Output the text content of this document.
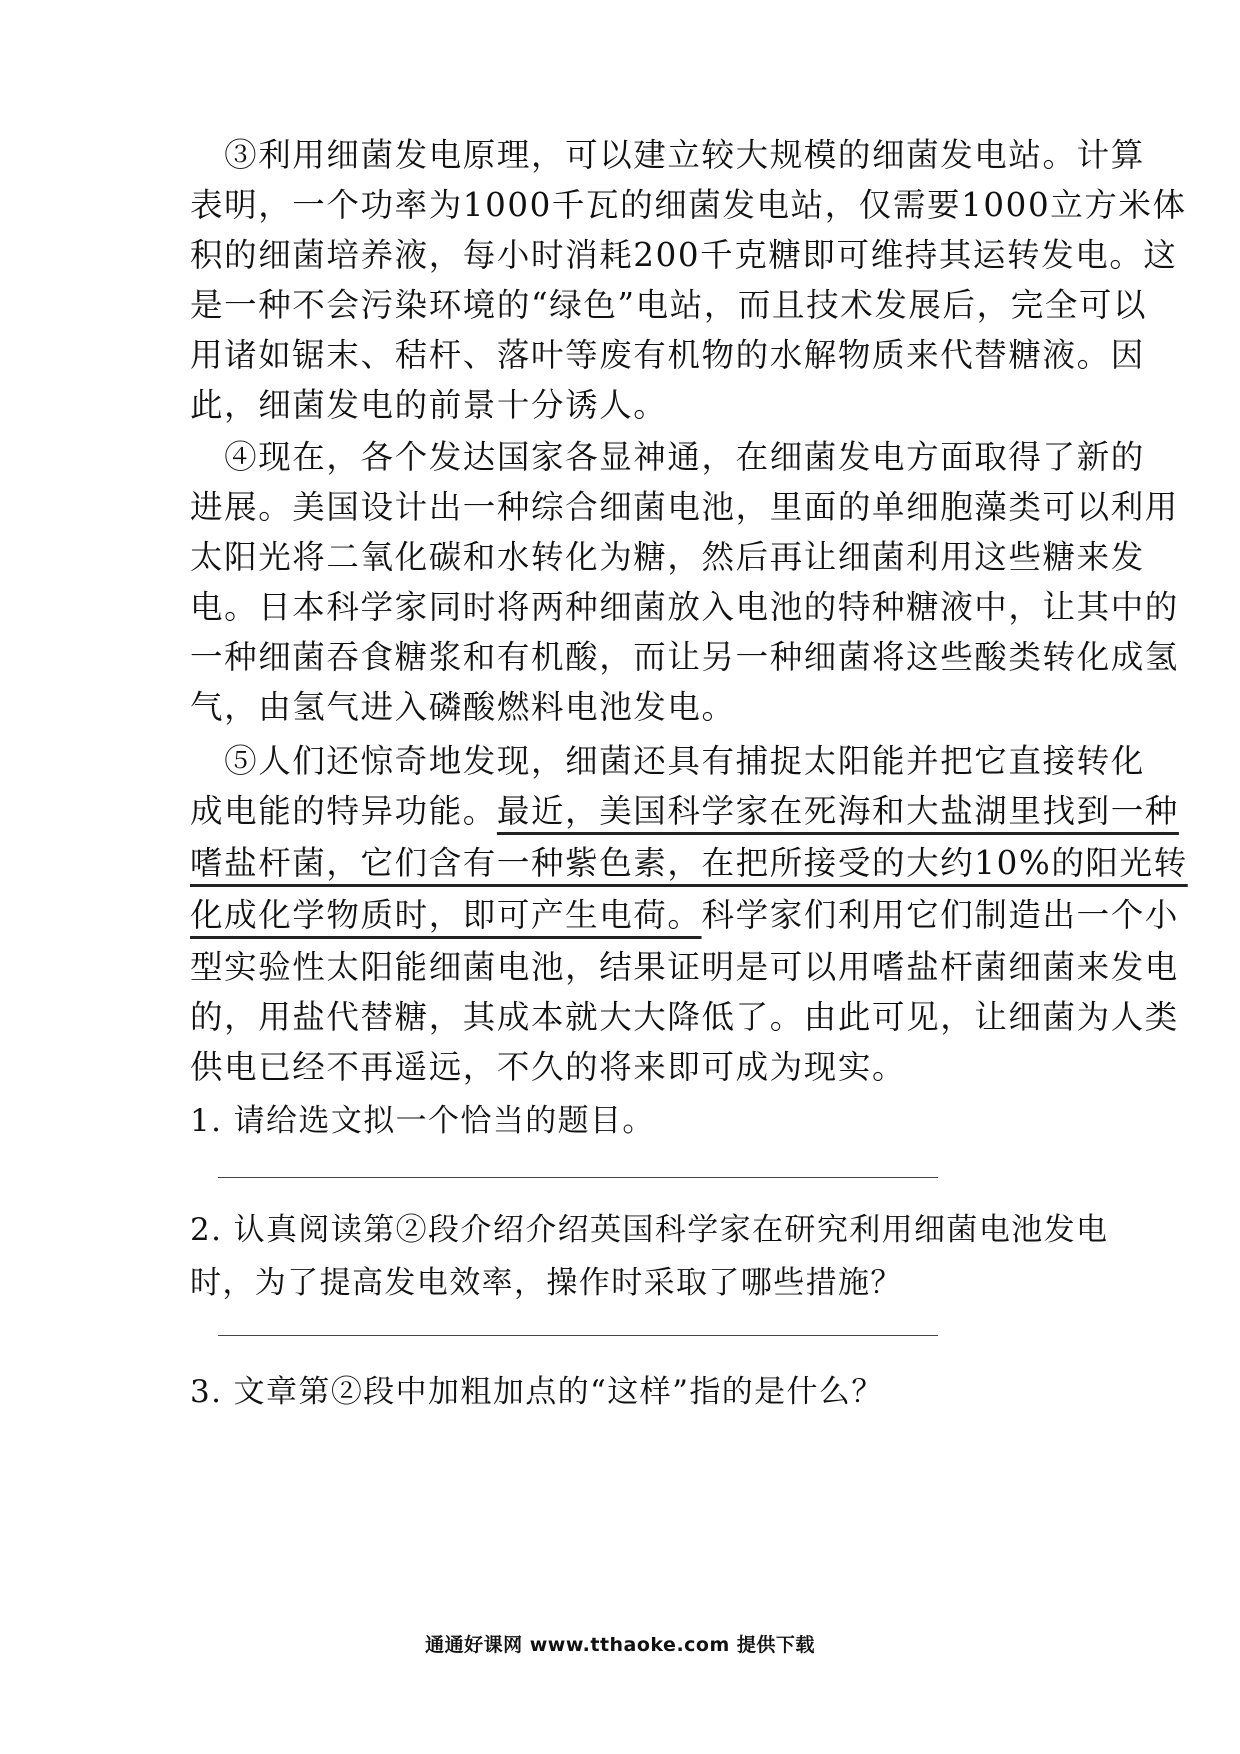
　③利用细菌发电原理，可以建立较大规模的细菌发电站。计算

表明，一个功率为1000千瓦的细菌发电站，仅需要1000立方米体

积的细菌培养液，每小时消耗200千克糖即可维持其运转发电。这

是一种不会污染环境的“绿色”电站，而且技术发展后，完全可以

用诸如锯末、秸杆、落叶等废有机物的水解物质来代替糖液。因

此，细菌发电的前景十分诱人。

　④现在，各个发达国家各显神通，在细菌发电方面取得了新的

进展。美国设计出一种综合细菌电池，里面的单细胞藻类可以利用

太阳光将二氧化碳和水转化为糖，然后再让细菌利用这些糖来发

电。日本科学家同时将两种细菌放入电池的特种糖液中，让其中的

一种细菌吞食糖浆和有机酸，而让另一种细菌将这些酸类转化成氢

气，由氢气进入磷酸燃料电池发电。

　⑤人们还惊奇地发现，细菌还具有捕捉太阳能并把它直接转化

成电能的特异功能。最近，美国科学家在死海和大盐湖里找到一种

嗜盐杆菌，它们含有一种紫色素，在把所接受的大约10%的阳光转

化成化学物质时，即可产生电荷。科学家们利用它们制造出一个小

型实验性太阳能细菌电池，结果证明是可以用嗜盐杆菌细菌来发电

的，用盐代替糖，其成本就大大降低了。由此可见，让细菌为人类

供电已经不再遥远，不久的将来即可成为现实。

1. 请给选文拟一个恰当的题目。

2. 认真阅读第②段介绍介绍英国科学家在研究利用细菌电池发电

时，为了提高发电效率，操作时采取了哪些措施？

3. 文章第②段中加粗加点的“这样”指的是什么？

通通好课网 www.tthaoke.com 提供下载
